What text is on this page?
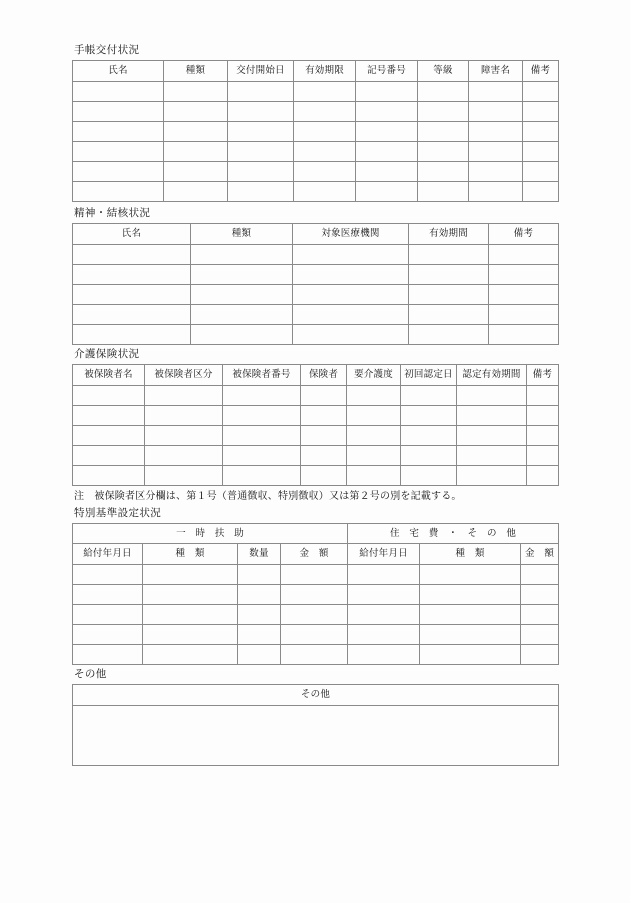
手帳交付状況
氏名	種類	交付開始日	有効期限	記号番号	等級	障害名	備考

精神・結核状況
氏名	種類	対象医療機関	有効期間	備考

介護保険状況
被保険者名	被保険者区分	被保険者番号	保険者	要介護度	初回認定日	認定有効期間	備考

注　被保険者区分欄は、第１号（普通徴収、特別徴収）又は第２号の別を記載する。
特別基準設定状況
一　時　扶　助				住　宅　費　・　そ　の　他		
給付年月日	種　類	数量	金　額	給付年月日	種　類	金　額

その他
その他
